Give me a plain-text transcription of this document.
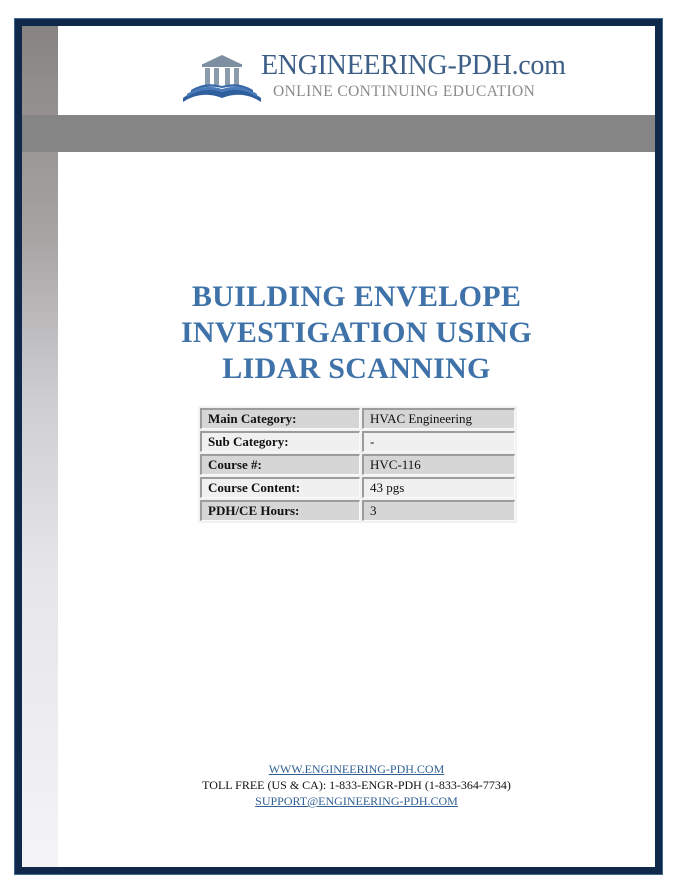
ENGINEERING-PDH.com
ONLINE CONTINUING EDUCATION
BUILDING ENVELOPE
INVESTIGATION USING
LIDAR SCANNING
Main Category:	HVAC Engineering
Sub Category:	-
Course #:	HVC-116
Course Content:	43 pgs
PDH/CE Hours:	3
WWW.ENGINEERING-PDH.COM
TOLL FREE (US & CA): 1-833-ENGR-PDH (1-833-364-7734)
SUPPORT@ENGINEERING-PDH.COM
